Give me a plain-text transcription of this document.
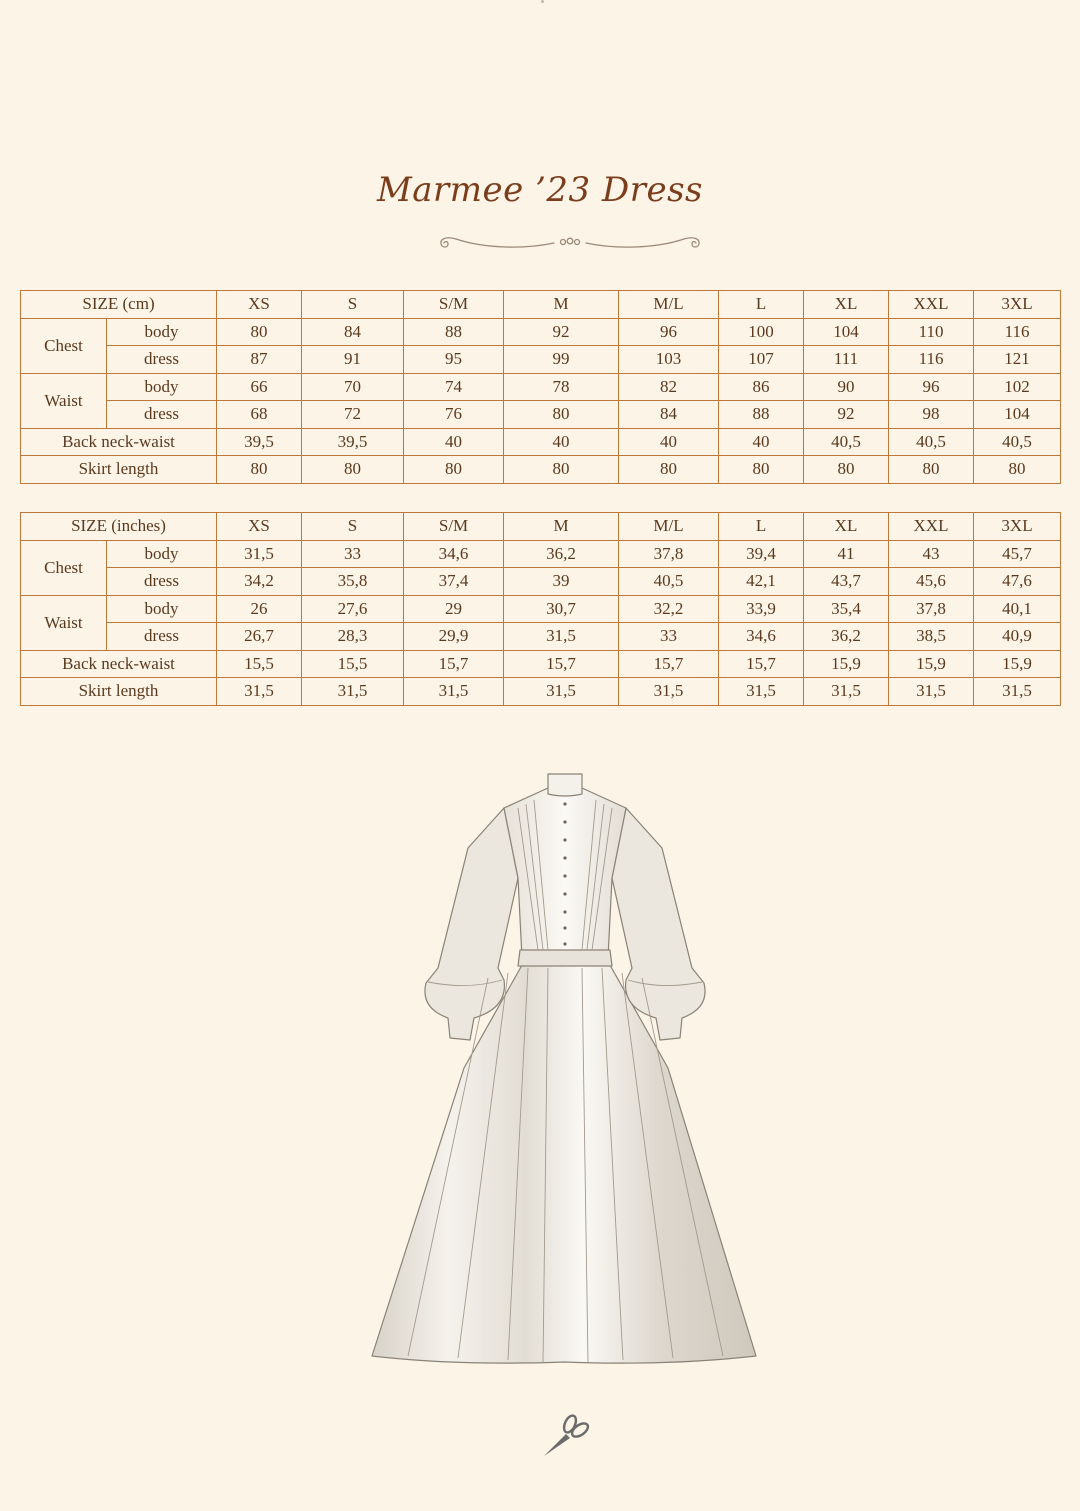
Marmee ’23 Dress
SIZE (cm)		XS	S	S/M	M	M/L	L	XL	XXL	3XL
Chest	body	80	84	88	92	96	100	104	110	116
	dress	87	91	95	99	103	107	111	116	121
Waist	body	66	70	74	78	82	86	90	96	102
	dress	68	72	76	80	84	88	92	98	104
Back neck-waist		39,5	39,5	40	40	40	40	40,5	40,5	40,5
Skirt length		80	80	80	80	80	80	80	80	80
SIZE (inches)		XS	S	S/M	M	M/L	L	XL	XXL	3XL
Chest	body	31,5	33	34,6	36,2	37,8	39,4	41	43	45,7
	dress	34,2	35,8	37,4	39	40,5	42,1	43,7	45,6	47,6
Waist	body	26	27,6	29	30,7	32,2	33,9	35,4	37,8	40,1
	dress	26,7	28,3	29,9	31,5	33	34,6	36,2	38,5	40,9
Back neck-waist		15,5	15,5	15,7	15,7	15,7	15,7	15,9	15,9	15,9
Skirt length		31,5	31,5	31,5	31,5	31,5	31,5	31,5	31,5	31,5
